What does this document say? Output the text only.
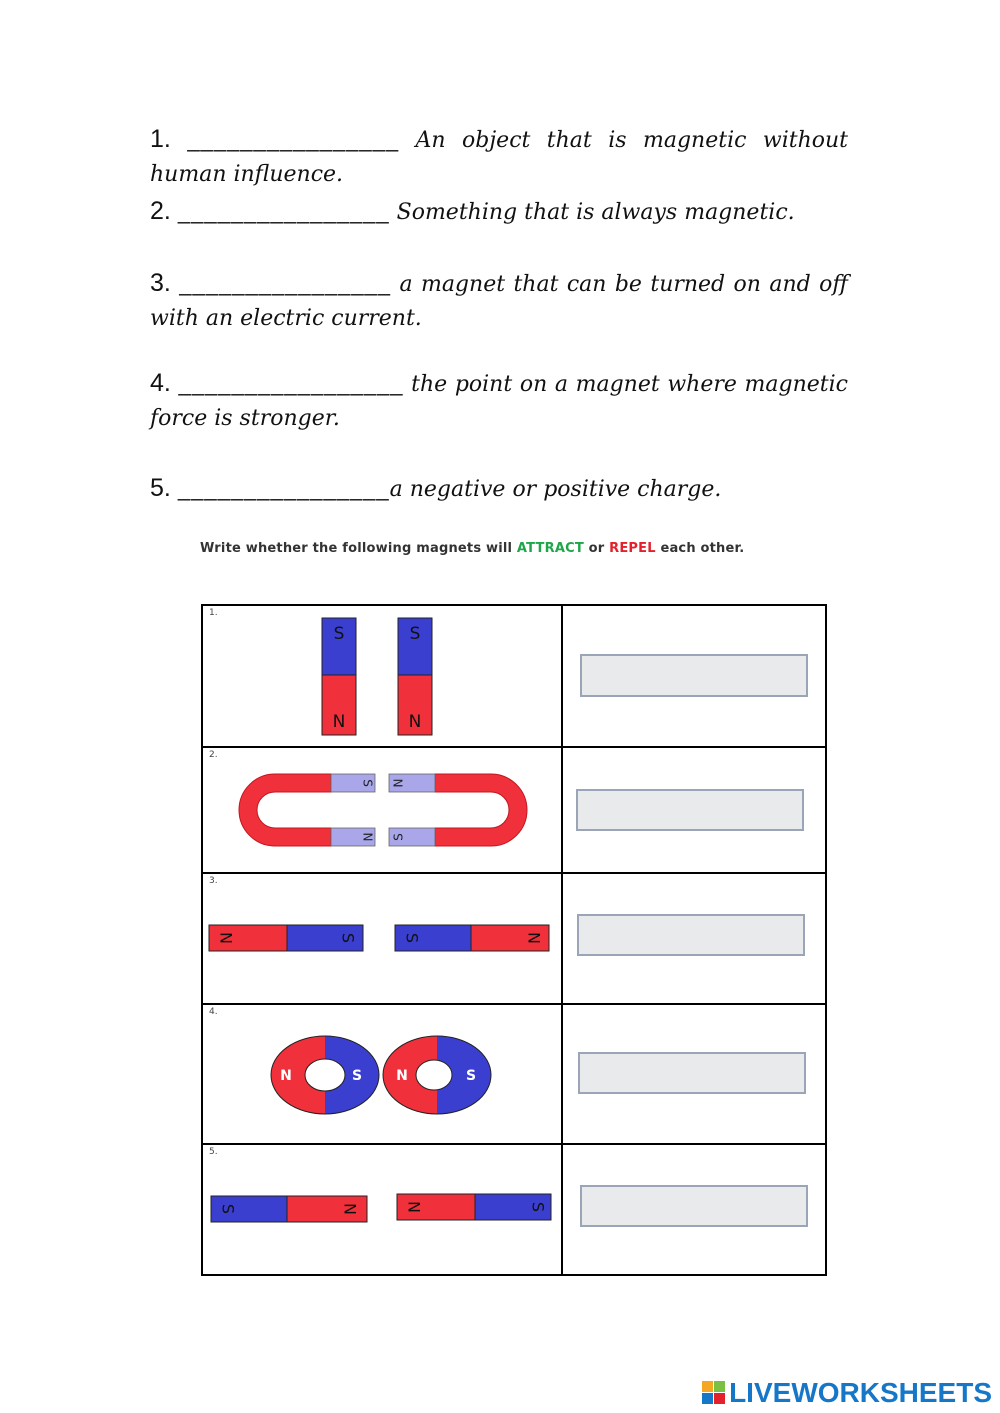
1. ________________ An object that is magnetic without human influence.
2. ________________ Something that is always magnetic.
3. ________________ a magnet that can be turned on and off with an electric current.
4. _________________ the point on a magnet where magnetic force is stronger.
5. ________________a negative or positive charge.
Write whether the following magnets will ATTRACT or REPEL each other.
1.
S
N
S
N	

2.
S
N
N
S	

3.
N S S N	

4.
N S N S	

5.
S N N S	

LIVEWORKSHEETS
